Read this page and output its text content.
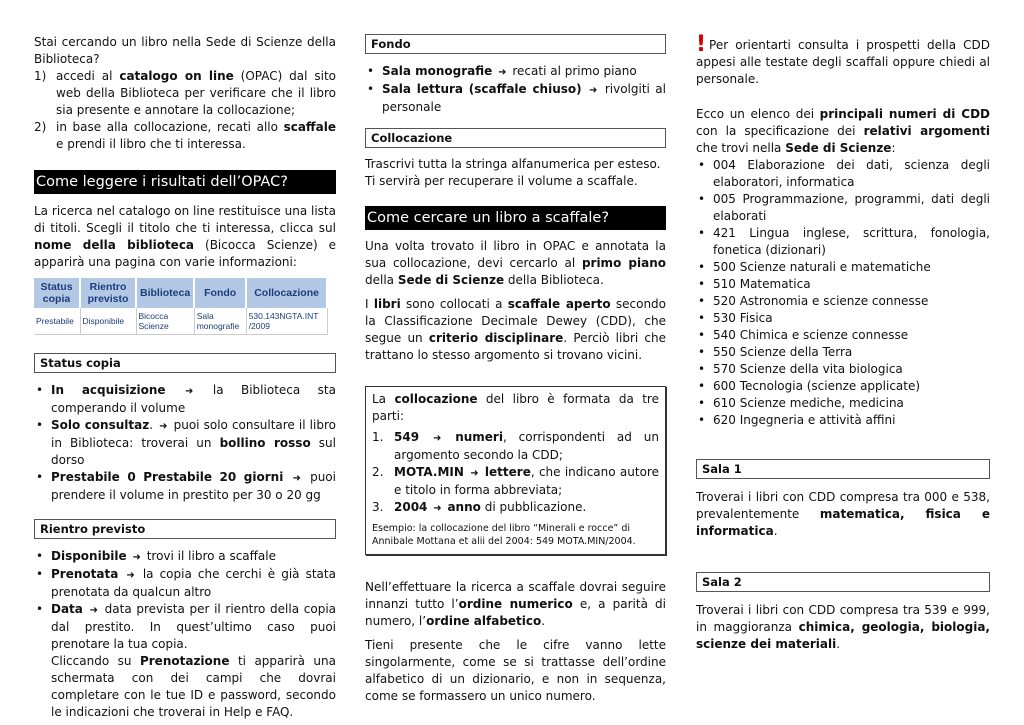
Stai cercando un libro nella Sede di Scienze della Biblioteca?

1) accedi al catalogo on line (OPAC) dal sito web della Biblioteca per verificare che il libro sia presente e annotare la collocazione;
2) in base alla collocazione, recati allo scaffale e prendi il libro che ti interessa.
Come leggere i risultati dell’OPAC?

La ricerca nel catalogo on line restituisce una lista di titoli. Scegli il titolo che ti interessa, clicca sul nome della biblioteca (Bicocca Scienze) e apparirà una pagina con varie informazioni:

Status copia	Rientro previsto	Biblioteca	Fondo	Collocazione
Prestabile	Disponibile	Bicocca Scienze	Sala monografie	530.143NGTA.INT /2009
Status copia
• In acquisizione ➜ la Biblioteca sta comperando il volume
• Solo consultaz. ➜ puoi solo consultare il libro in Biblioteca: troverai un bollino rosso sul dorso
• Prestabile 0 Prestabile 20 giorni ➜ puoi prendere il volume in prestito per 30 o 20 gg
Rientro previsto
• Disponibile ➜ trovi il libro a scaffale
• Prenotata ➜ la copia che cerchi è già stata prenotata da qualcun altro
• Data ➜ data prevista per il rientro della copia dal prestito. In quest’ultimo caso puoi prenotare la tua copia.

Cliccando su Prenotazione ti apparirà una schermata con dei campi che dovrai completare con le tue ID e password, secondo le indicazioni che troverai in Help e FAQ.

Fondo
• Sala monografie ➜ recati al primo piano
• Sala lettura (scaffale chiuso) ➜ rivolgiti al personale
Collocazione

Trascrivi tutta la stringa alfanumerica per esteso. Ti servirà per recuperare il volume a scaffale.

Come cercare un libro a scaffale?

Una volta trovato il libro in OPAC e annotata la sua collocazione, devi cercarlo al primo piano della Sede di Scienze della Biblioteca.

I libri sono collocati a scaffale aperto secondo la Classificazione Decimale Dewey (CDD), che segue un criterio disciplinare. Perciò libri che trattano lo stesso argomento si trovano vicini.

La collocazione del libro è formata da tre parti:

1. 549 ➜ numeri, corrispondenti ad un argomento secondo la CDD;
2. MOTA.MIN ➜ lettere, che indicano autore e titolo in forma abbreviata;
3. 2004 ➜ anno di pubblicazione.

Esempio: la collocazione del libro “Minerali e rocce” di Annibale Mottana et alii del 2004: 549 MOTA.MIN/2004.

Nell’effettuare la ricerca a scaffale dovrai seguire innanzi tutto l’ordine numerico e, a parità di numero, l’ordine alfabetico.

Tieni presente che le cifre vanno lette singolarmente, come se si trattasse dell’ordine alfabetico di un dizionario, e non in sequenza, come se formassero un unico numero.

! Per orientarti consulta i prospetti della CDD appesi alle testate degli scaffali oppure chiedi al personale.

Ecco un elenco dei principali numeri di CDD con la specificazione dei relativi argomenti che trovi nella Sede di Scienze:

• 004 Elaborazione dei dati, scienza degli elaboratori, informatica
• 005 Programmazione, programmi, dati degli elaborati
• 421 Lingua inglese, scrittura, fonologia, fonetica (dizionari)
• 500 Scienze naturali e matematiche
• 510 Matematica
• 520 Astronomia e scienze connesse
• 530 Fisica
• 540 Chimica e scienze connesse
• 550 Scienze della Terra
• 570 Scienze della vita biologica
• 600 Tecnologia (scienze applicate)
• 610 Scienze mediche, medicina
• 620 Ingegneria e attività affini
Sala 1

Troverai i libri con CDD compresa tra 000 e 538, prevalentemente matematica, fisica e informatica.

Sala 2

Troverai i libri con CDD compresa tra 539 e 999, in maggioranza chimica, geologia, biologia, scienze dei materiali.
